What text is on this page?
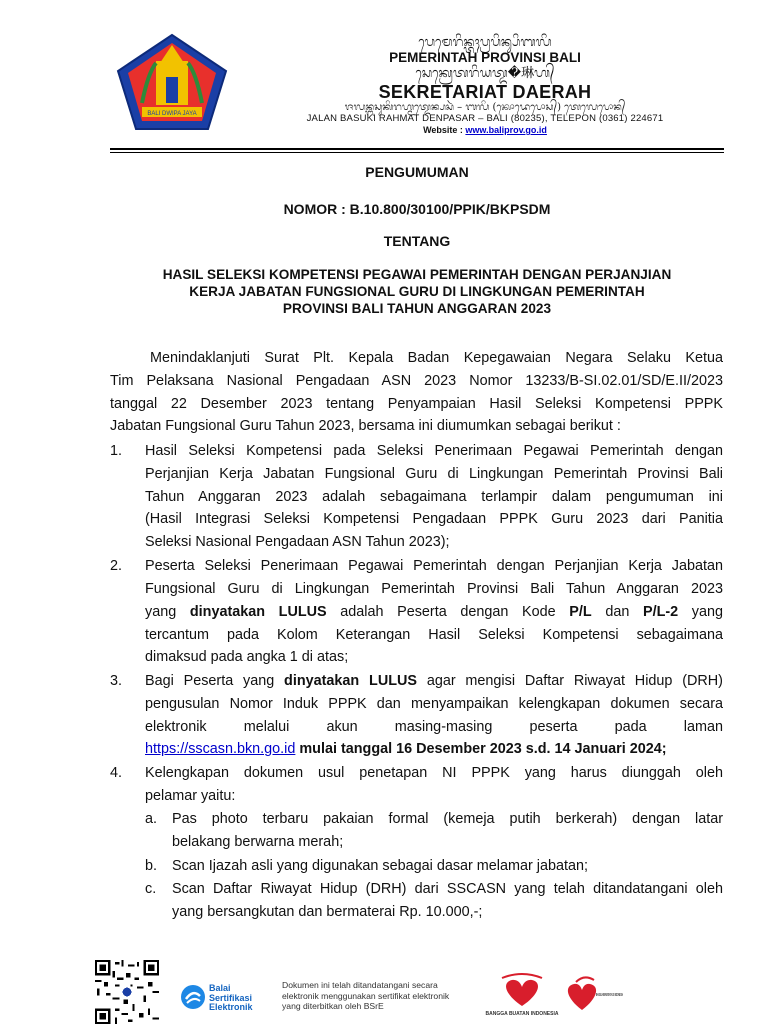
BALI DWIPA JAYA
ᬧᬾᬫᬾᬭᬶᬦ᭄ᬢᬄᬧ᭄ᬭᬧᬶᬦ᭄ᬲᬶᬩᬮᬶ
PEMERINTAH PROVINSI BALI
ᬲᬾᬓ᭄ᬭᬾᬢᬭᬶᬬᬢ᭄ᬤ�琳ᬳ᭄
SEKRETARIAT DAERAH
ᬚᬮᬦ᭄ᬩᬲᬸᬓᬶᬭᬳ᭄ᬫᬢ᭄ᬤᬾᬦ᭄ᬧᬲᬃ – ᬩᬮᬶ (ᬓᭀᬤᬾᬧᭀᬲ᭄) ᬢᬾᬮᬾᬧᭀᬦ᭄
JALAN BASUKI RAHMAT DENPASAR – BALI (80235), TELEPON (0361) 224671
Website : www.baliprov.go.id
PENGUMUMAN
NOMOR : B.10.800/30100/PPIK/BKPSDM
TENTANG
HASIL SELEKSI KOMPETENSI PEGAWAI PEMERINTAH DENGAN PERJANJIAN
KERJA JABATAN FUNGSIONAL GURU DI LINGKUNGAN PEMERINTAH
PROVINSI BALI TAHUN ANGGARAN 2023
Menindaklanjuti Surat Plt. Kepala Badan Kepegawaian Negara Selaku Ketua
Tim Pelaksana Nasional Pengadaan ASN 2023 Nomor 13233/B-SI.02.01/SD/E.II/2023
tanggal 22 Desember 2023 tentang Penyampaian Hasil Seleksi Kompetensi PPPK
Jabatan Fungsional Guru Tahun 2023, bersama ini diumumkan sebagai berikut :
1. Hasil Seleksi Kompetensi pada Seleksi Penerimaan Pegawai Pemerintah dengan
Perjanjian Kerja Jabatan Fungsional Guru di Lingkungan Pemerintah Provinsi Bali
Tahun Anggaran 2023 adalah sebagaimana terlampir dalam pengumuman ini
(Hasil Integrasi Seleksi Kompetensi Pengadaan PPPK Guru 2023 dari Panitia
Seleksi Nasional Pengadaan ASN Tahun 2023);
2. Peserta Seleksi Penerimaan Pegawai Pemerintah dengan Perjanjian Kerja Jabatan
Fungsional Guru di Lingkungan Pemerintah Provinsi Bali Tahun Anggaran 2023
yang dinyatakan LULUS adalah Peserta dengan Kode P/L dan P/L-2 yang
tercantum pada Kolom Keterangan Hasil Seleksi Kompetensi sebagaimana
dimaksud pada angka 1 di atas;
3. Bagi Peserta yang dinyatakan LULUS agar mengisi Daftar Riwayat Hidup (DRH)
pengusulan Nomor Induk PPPK dan menyampaikan kelengkapan dokumen secara
elektronik melalui akun masing-masing peserta pada laman
https://sscasn.bkn.go.id mulai tanggal 16 Desember 2023 s.d. 14 Januari 2024;
4. Kelengkapan dokumen usul penetapan NI PPPK yang harus diunggah oleh
pelamar yaitu:
a. Pas photo terbaru pakaian formal (kemeja putih berkerah) dengan latar
belakang berwarna merah;
b. Scan Ijazah asli yang digunakan sebagai dasar melamar jabatan;
c. Scan Daftar Riwayat Hidup (DRH) dari SSCASN yang telah ditandatangani oleh
yang bersangkutan dan bermaterai Rp. 10.000,-;
Balai
Sertifikasi
Elektronik
Dokumen ini telah ditandatangani secara
elektronik menggunakan sertifikat elektronik
yang diterbitkan oleh BSrE
BANGGA BUATAN INDONESIA
BANGGA BERWISATA DI INDONESIA
